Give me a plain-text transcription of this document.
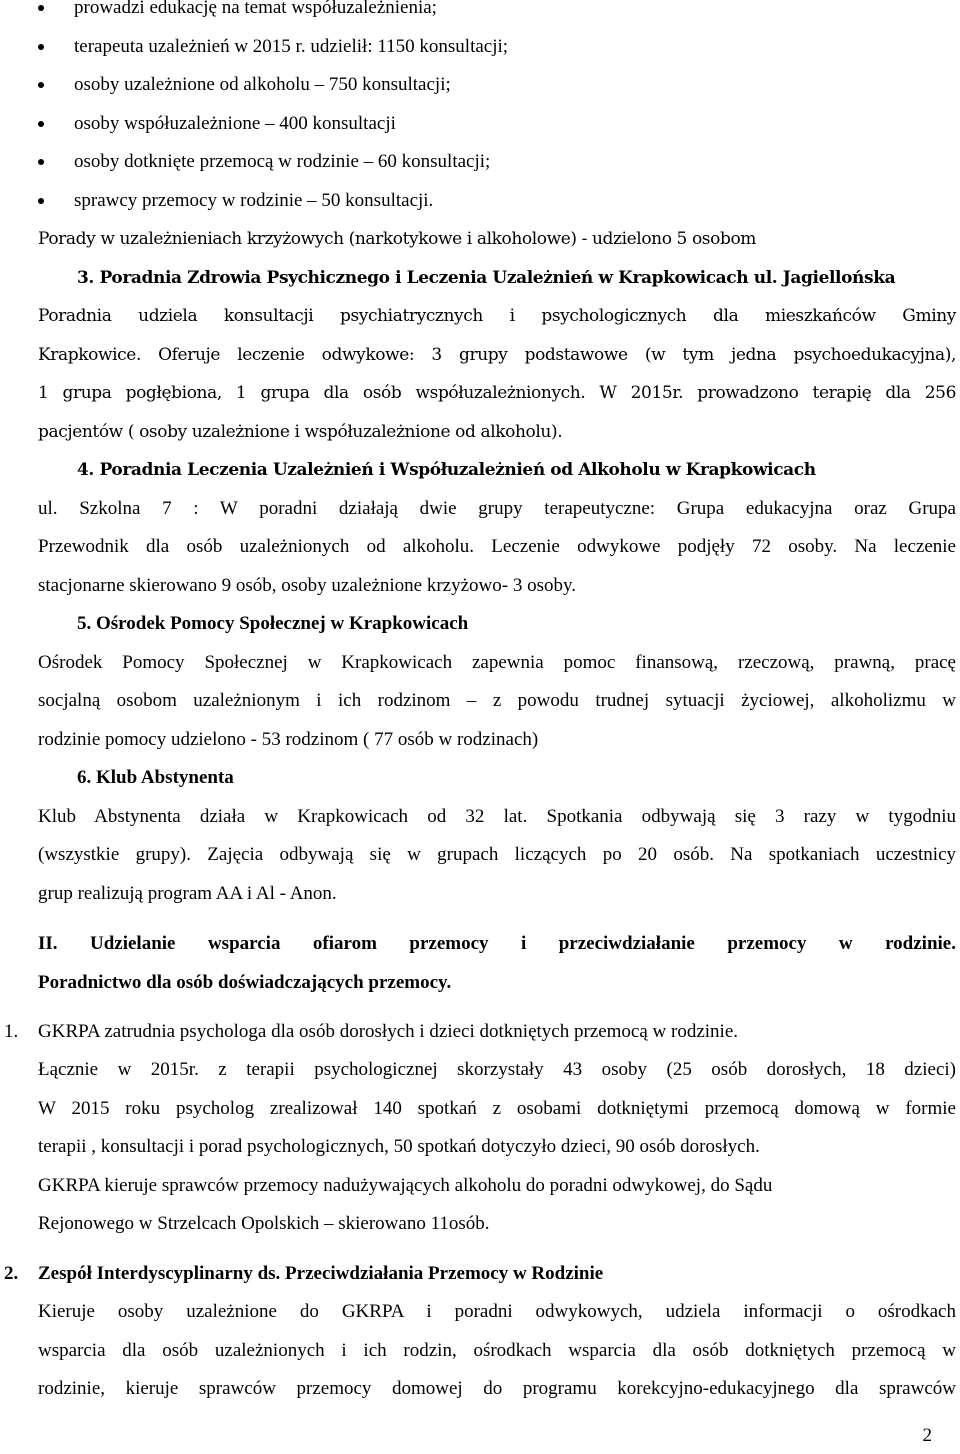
prowadzi edukację na temat współuzależnienia;
terapeuta uzależnień w 2015 r. udzielił: 1150 konsultacji;
osoby uzależnione od alkoholu – 750 konsultacji;
osoby współuzależnione – 400 konsultacji
osoby dotknięte przemocą w rodzinie – 60 konsultacji;
sprawcy przemocy w rodzinie – 50 konsultacji.
Porady w uzależnieniach krzyżowych (narkotykowe i alkoholowe) - udzielono 5 osobom
3. Poradnia Zdrowia Psychicznego i Leczenia Uzależnień w Krapkowicach ul. Jagiellońska
Poradnia udziela konsultacji psychiatrycznych i psychologicznych dla mieszkańców Gminy
Krapkowice. Oferuje leczenie odwykowe: 3 grupy podstawowe (w tym jedna psychoedukacyjna),
1 grupa pogłębiona, 1 grupa dla osób współuzależnionych. W 2015r. prowadzono terapię dla 256
pacjentów ( osoby uzależnione i współuzależnione od alkoholu).
4. Poradnia Leczenia Uzależnień i Współuzależnień od Alkoholu w Krapkowicach
ul. Szkolna 7 : W poradni działają dwie grupy terapeutyczne: Grupa edukacyjna oraz Grupa
Przewodnik dla osób uzależnionych od alkoholu. Leczenie odwykowe podjęły 72 osoby. Na leczenie
stacjonarne skierowano 9 osób, osoby uzależnione krzyżowo- 3 osoby.
5. Ośrodek Pomocy Społecznej w Krapkowicach
Ośrodek Pomocy Społecznej w Krapkowicach zapewnia pomoc finansową, rzeczową, prawną, pracę
socjalną osobom uzależnionym i ich rodzinom – z powodu trudnej sytuacji życiowej, alkoholizmu w
rodzinie pomocy udzielono - 53 rodzinom ( 77 osób w rodzinach)
6. Klub Abstynenta
Klub Abstynenta działa w Krapkowicach od 32 lat. Spotkania odbywają się 3 razy w tygodniu
(wszystkie grupy). Zajęcia odbywają się w grupach liczących po 20 osób. Na spotkaniach uczestnicy
grup realizują program AA i Al - Anon.
II. Udzielanie wsparcia ofiarom przemocy i przeciwdziałanie przemocy w rodzinie.
Poradnictwo dla osób doświadczających przemocy.
1. GKRPA zatrudnia psychologa dla osób dorosłych i dzieci dotkniętych przemocą w rodzinie.
Łącznie w 2015r. z terapii psychologicznej skorzystały 43 osoby (25 osób dorosłych, 18 dzieci)
W 2015 roku psycholog zrealizował 140 spotkań z osobami dotkniętymi przemocą domową w formie
terapii , konsultacji i porad psychologicznych, 50 spotkań dotyczyło dzieci, 90 osób dorosłych.
GKRPA kieruje sprawców przemocy nadużywających alkoholu do poradni odwykowej, do Sądu
Rejonowego w Strzelcach Opolskich – skierowano 11osób.
2. Zespół Interdyscyplinarny ds. Przeciwdziałania Przemocy w Rodzinie
Kieruje osoby uzależnione do GKRPA i poradni odwykowych, udziela informacji o ośrodkach
wsparcia dla osób uzależnionych i ich rodzin, ośrodkach wsparcia dla osób dotkniętych przemocą w
rodzinie, kieruje sprawców przemocy domowej do programu korekcyjno-edukacyjnego dla sprawców
2
